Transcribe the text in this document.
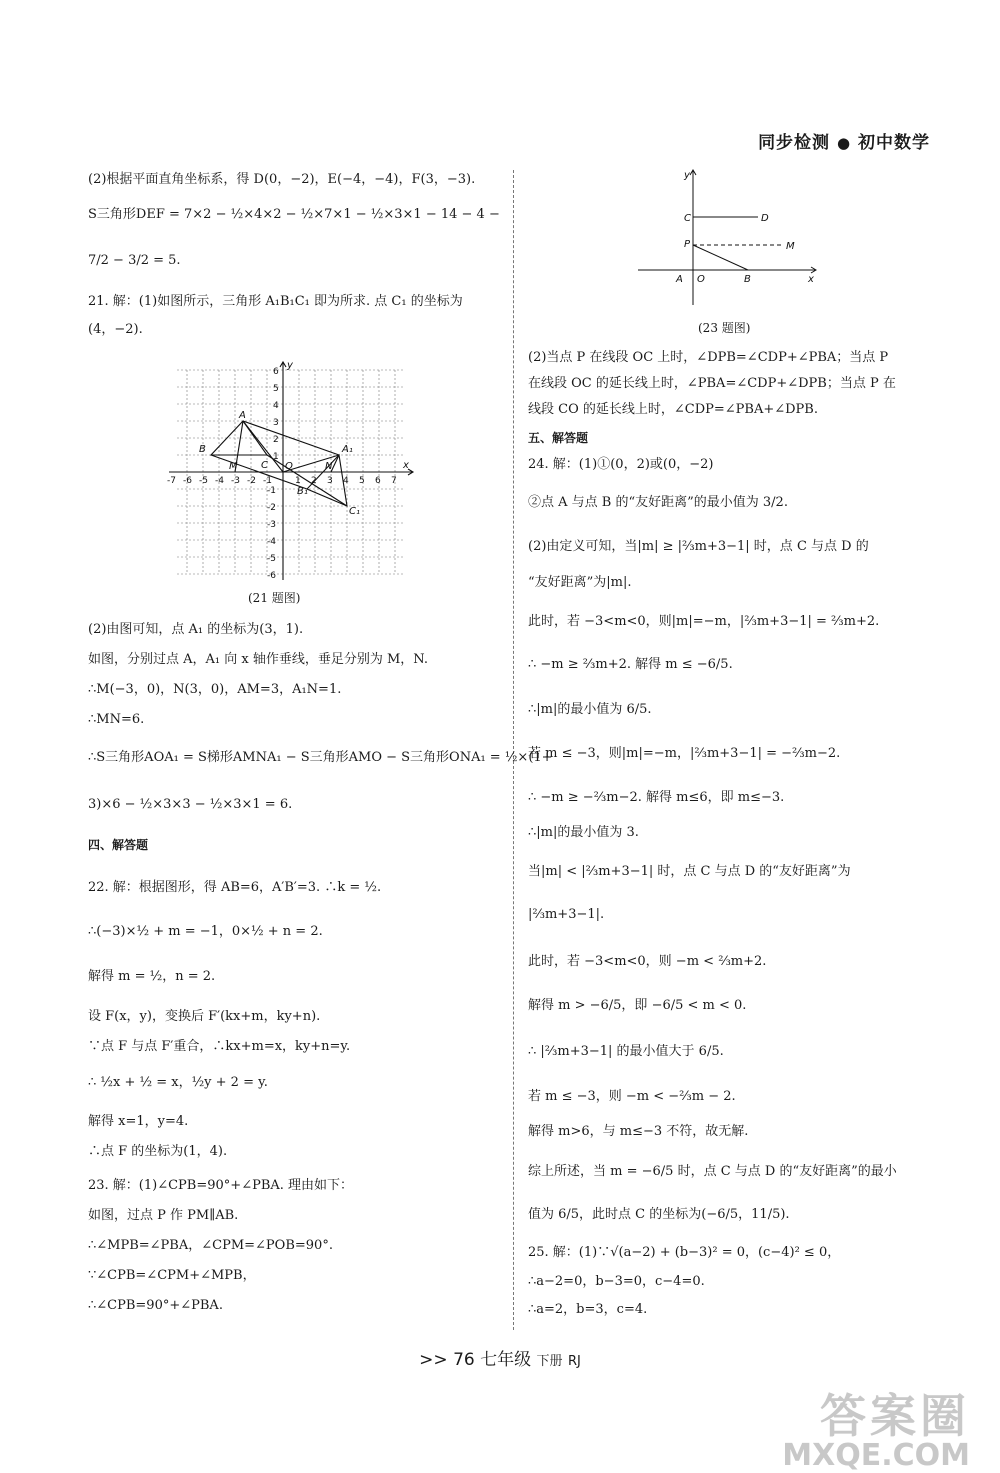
同步检测 ● 初中数学

(2)根据平面直角坐标系，得 D(0，−2)，E(−4，−4)，F(3，−3).

S三角形DEF = 7×2 − ½×4×2 − ½×7×1 − ½×3×1 − 14 − 4 −

7/2 − 3/2 = 5.

21. 解：(1)如图所示，三角形 A₁B₁C₁ 即为所求. 点 C₁ 的坐标为

(4，−2).

A
B
C
A₁
B₁
C₁
M	N
O	x
y
-7 -6 -5 -4 -3 -2 -1	1 2 3 4 5 6 7
6
5
4
3
2
1
-1
-2
-3
-4
-5
-6

(21 题图)

(2)由图可知，点 A₁ 的坐标为(3，1).

如图，分别过点 A，A₁ 向 x 轴作垂线，垂足分别为 M，N.

∴M(−3，0)，N(3，0)，AM=3，A₁N=1.

∴MN=6.

∴S三角形AOA₁ = S梯形AMNA₁ − S三角形AMO − S三角形ONA₁ = ½×(1+

3)×6 − ½×3×3 − ½×3×1 = 6.

四、解答题

22. 解：根据图形，得 AB=6，A′B′=3. ∴k = ½.

∴(−3)×½ + m = −1，0×½ + n = 2.

解得 m = ½，n = 2.

设 F(x，y)，变换后 F′(kx+m，ky+n).

∵点 F 与点 F′重合，∴kx+m=x，ky+n=y.

∴ ½x + ½ = x，½y + 2 = y.

解得 x=1，y=4.

∴点 F 的坐标为(1，4).

23. 解：(1)∠CPB=90°+∠PBA. 理由如下：

如图，过点 P 作 PM∥AB.

∴∠MPB=∠PBA，∠CPM=∠POB=90°.

∵∠CPB=∠CPM+∠MPB，

∴∠CPB=90°+∠PBA.

y
x
C	D
P	M
A O	B

(23 题图)

(2)当点 P 在线段 OC 上时，∠DPB=∠CDP+∠PBA；当点 P

在线段 OC 的延长线上时，∠PBA=∠CDP+∠DPB；当点 P 在

线段 CO 的延长线上时，∠CDP=∠PBA+∠DPB.

五、解答题

24. 解：(1)①(0，2)或(0，−2)

②点 A 与点 B 的“友好距离”的最小值为 3/2.

(2)由定义可知，当|m| ≥ |⅔m+3−1| 时，点 C 与点 D 的

“友好距离”为|m|.

此时，若 −3<m<0，则|m|=−m，|⅔m+3−1| = ⅔m+2.

∴ −m ≥ ⅔m+2. 解得 m ≤ −6/5.

∴|m|的最小值为 6/5.

若 m ≤ −3，则|m|=−m，|⅔m+3−1| = −⅔m−2.

∴ −m ≥ −⅔m−2. 解得 m≤6，即 m≤−3.

∴|m|的最小值为 3.

当|m| < |⅔m+3−1| 时，点 C 与点 D 的“友好距离”为

|⅔m+3−1|.

此时，若 −3<m<0，则 −m < ⅔m+2.

解得 m > −6/5，即 −6/5 < m < 0.

∴ |⅔m+3−1| 的最小值大于 6/5.

若 m ≤ −3，则 −m < −⅔m − 2.

解得 m>6，与 m≤−3 不符，故无解.

综上所述，当 m = −6/5 时，点 C 与点 D 的“友好距离”的最小

值为 6/5，此时点 C 的坐标为(−6/5，11/5).

25. 解：(1)∵√(a−2) + (b−3)² = 0，(c−4)² ≤ 0，

∴a−2=0，b−3=0，c−4=0.

∴a=2，b=3，c=4.

>> 76 七年级 下册 RJ
答案圈
MXQE.COM
